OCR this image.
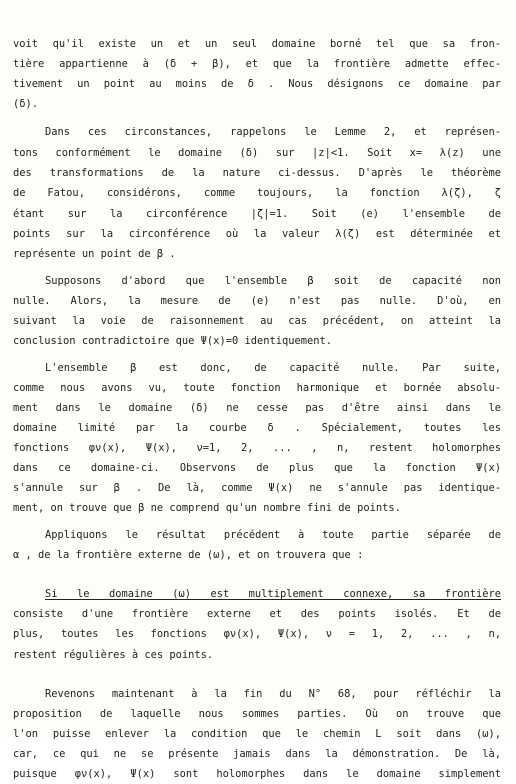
voit qu'il existe un et un seul domaine borné tel que sa fron-
tière appartienne à (δ + β), et que la frontière admette effec-
tivement un point au moins de δ . Nous désignons ce domaine par
(δ).
Dans ces circonstances, rappelons le Lemme 2, et représen-
tons conformément le domaine (δ) sur |z|<1. Soit x= λ(z) une
des transformations de la nature ci-dessus. D'après le théorème
de Fatou, considérons, comme toujours, la fonction λ(ζ), ζ
étant sur la circonférence |ζ|=1. Soit (e) l'ensemble de
points sur la circonférence où la valeur λ(ζ) est déterminée et
représente un point de β .
Supposons d'abord que l'ensemble β soit de capacité non
nulle. Alors, la mesure de (e) n'est pas nulle. D'où, en
suivant la voie de raisonnement au cas précédent, on atteint la
conclusion contradictoire que Ψ(x)=0 identiquement.
L'ensemble β est donc, de capacité nulle. Par suite,
comme nous avons vu, toute fonction harmonique et bornée absolu-
ment dans le domaine (δ) ne cesse pas d'être ainsi dans le
domaine limité par la courbe δ . Spécialement, toutes les
fonctions φν(x), Ψ(x), ν=1, 2, ... , n, restent holomorphes
dans ce domaine-ci. Observons de plus que la fonction Ψ(x)
s'annule sur β . De là, comme Ψ(x) ne s'annule pas identique-
ment, on trouve que β ne comprend qu'un nombre fini de points.
Appliquons le résultat précédent à toute partie séparée de
α , de la frontière externe de (ω), et on trouvera que :
Si le domaine (ω) est multiplement connexe, sa frontière
consiste d'une frontière externe et des points isolés. Et de
plus, toutes les fonctions φν(x), Ψ(x), ν = 1, 2, ... , n,
restent régulières à ces points.
Revenons maintenant à la fin du N° 68, pour réfléchir la
proposition de laquelle nous sommes parties. Où on trouve que
l'on puisse enlever la condition que le chemin L soit dans (ω),
car, ce qui ne se présente jamais dans la démonstration. De là,
puisque φν(x), Ψ(x) sont holomorphes dans le domaine simplement
